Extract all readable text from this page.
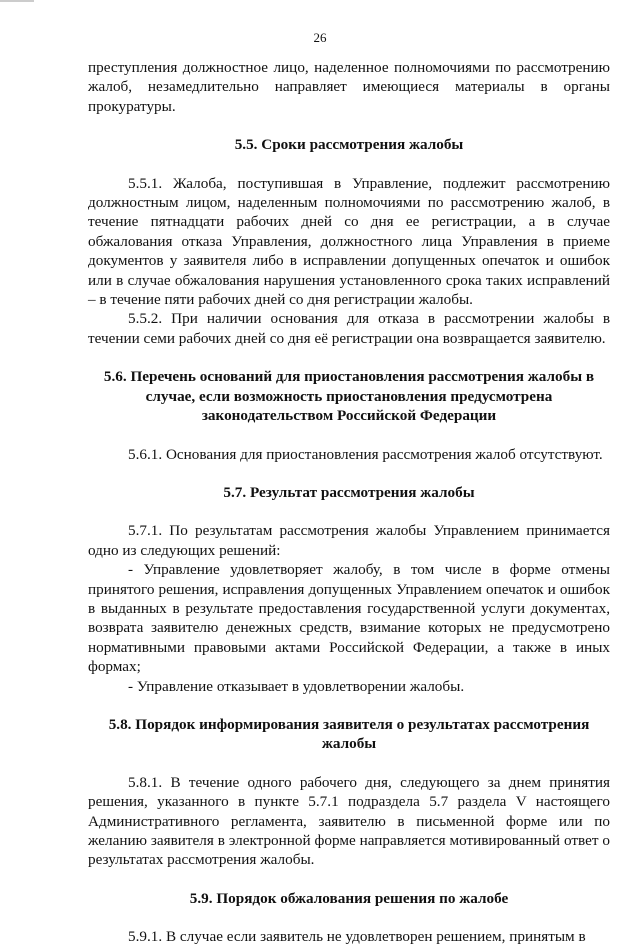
26

преступления должностное лицо, наделенное полномочиями по рассмотрению жалоб, незамедлительно направляет имеющиеся материалы в органы прокуратуры.

5.5. Сроки рассмотрения жалобы

5.5.1. Жалоба, поступившая в Управление, подлежит рассмотрению должностным лицом, наделенным полномочиями по рассмотрению жалоб, в течение пятнадцати рабочих дней со дня ее регистрации, а в случае обжалования отказа Управления, должностного лица Управления в приеме документов у заявителя либо в исправлении допущенных опечаток и ошибок или в случае обжалования нарушения установленного срока таких исправлений – в течение пяти рабочих дней со дня регистрации жалобы.

5.5.2. При наличии основания для отказа в рассмотрении жалобы в течении семи рабочих дней со дня её регистрации она возвращается заявителю.

5.6. Перечень оснований для приостановления рассмотрения жалобы в случае, если возможность приостановления предусмотрена законодательством Российской Федерации

5.6.1. Основания для приостановления рассмотрения жалоб отсутствуют.

5.7. Результат рассмотрения жалобы

5.7.1. По результатам рассмотрения жалобы Управлением принимается одно из следующих решений:

- Управление удовлетворяет жалобу, в том числе в форме отмены принятого решения, исправления допущенных Управлением опечаток и ошибок в выданных в результате предоставления государственной услуги документах, возврата заявителю денежных средств, взимание которых не предусмотрено нормативными правовыми актами Российской Федерации, а также в иных формах;

- Управление отказывает в удовлетворении жалобы.

5.8. Порядок информирования заявителя о результатах рассмотрения жалобы

5.8.1. В течение одного рабочего дня, следующего за днем принятия решения, указанного в пункте 5.7.1 подраздела 5.7 раздела V настоящего Административного регламента, заявителю в письменной форме или по желанию заявителя в электронной форме направляется мотивированный ответ о результатах рассмотрения жалобы.

5.9. Порядок обжалования решения по жалобе

5.9.1. В случае если заявитель не удовлетворен решением, принятым в
